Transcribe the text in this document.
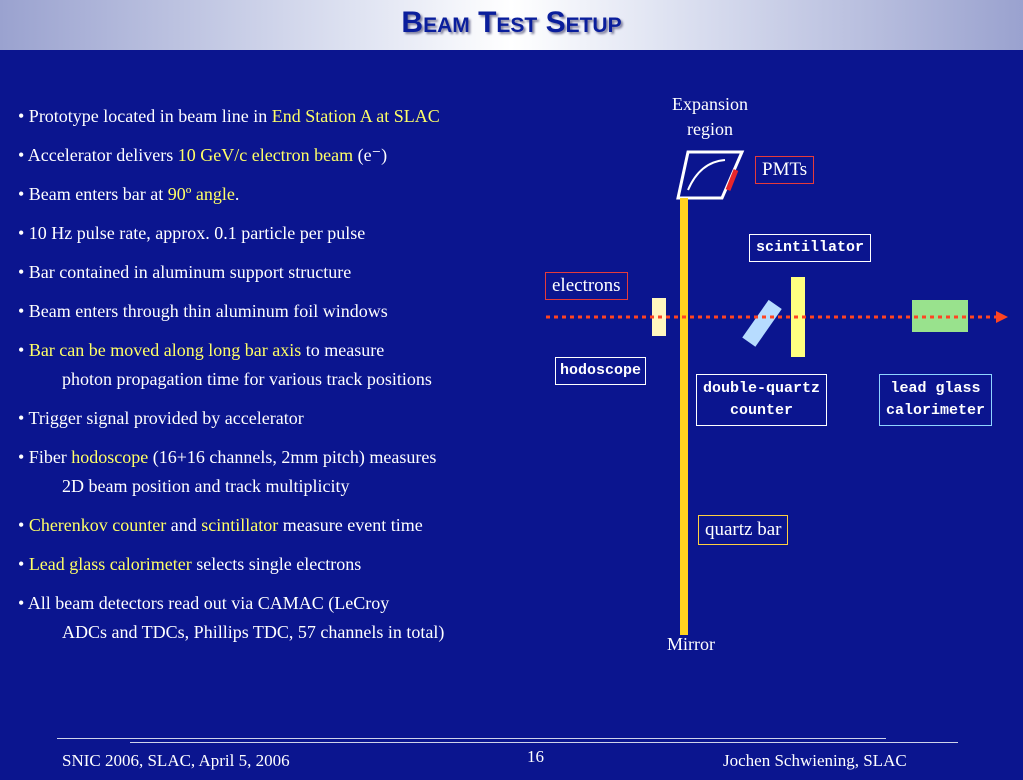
Beam Test Setup
• Prototype located in beam line in End Station A at SLAC
• Accelerator delivers 10 GeV/c electron beam (e⁻)
• Beam enters bar at 90º angle.
• 10 Hz pulse rate, approx. 0.1 particle per pulse
• Bar contained in aluminum support structure
• Beam enters through thin aluminum foil windows
• Bar can be moved along long bar axis to measure
photon propagation time for various track positions
• Trigger signal provided by accelerator
• Fiber hodoscope (16+16 channels, 2mm pitch) measures
2D beam position and track multiplicity
• Cherenkov counter and scintillator measure event time
• Lead glass calorimeter selects single electrons
• All beam detectors read out via CAMAC (LeCroy
ADCs and TDCs, Phillips TDC, 57 channels in total)
Expansion
region
PMTs
electrons
scintillator
hodoscope
double-quartz
counter
lead glass
calorimeter
quartz bar
Mirror
SNIC 2006, SLAC, April 5, 2006	16	Jochen Schwiening, SLAC
